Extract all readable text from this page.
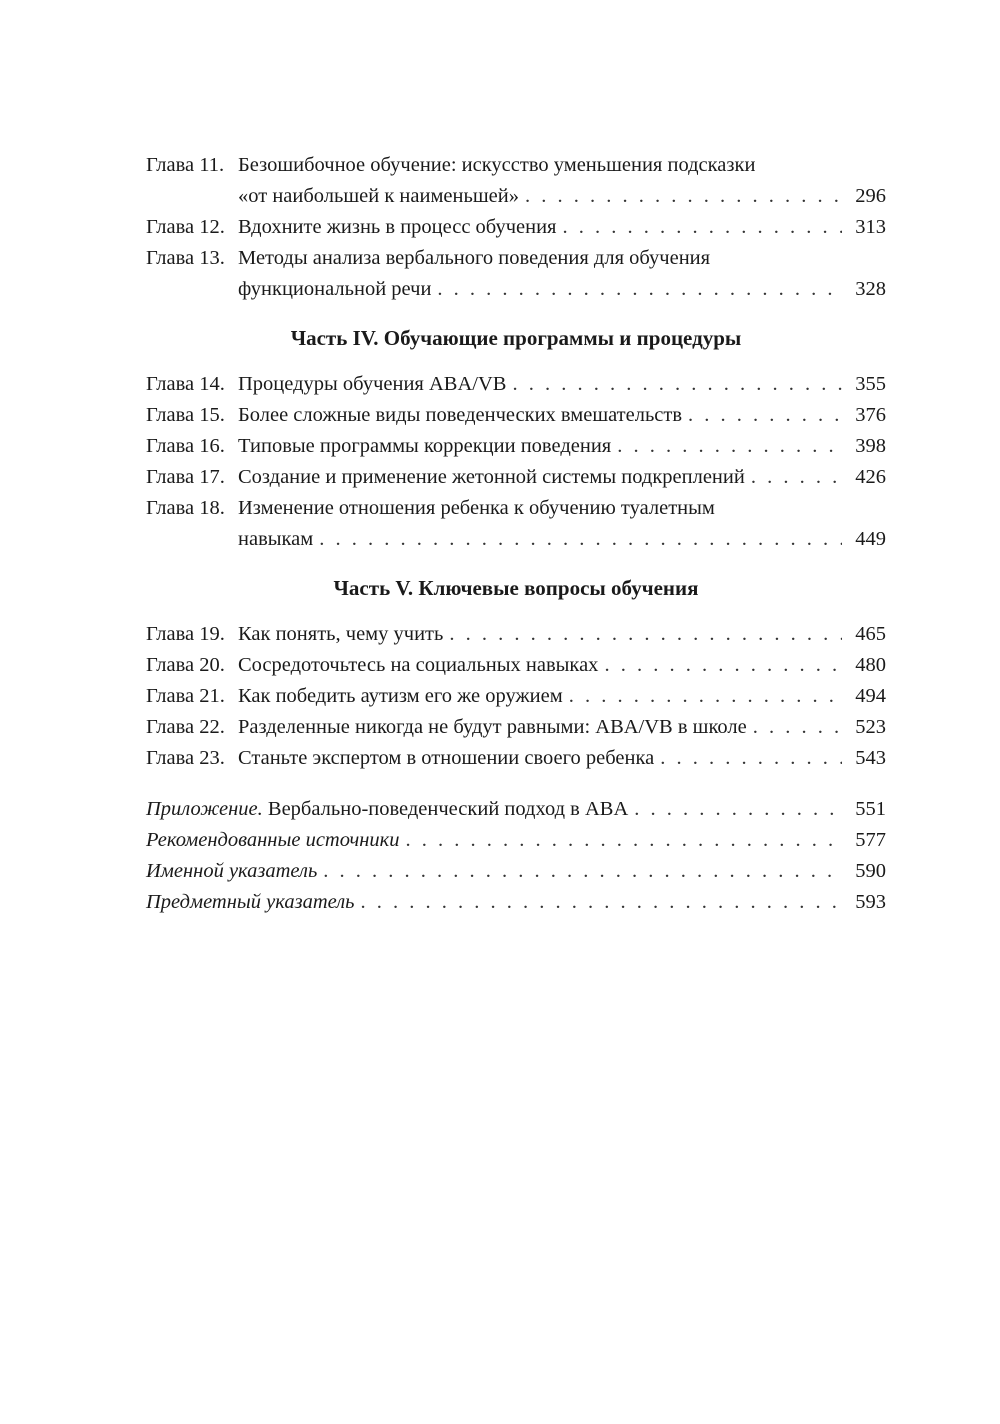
Глава 11. Безошибочное обучение: искусство уменьшения подсказки
«от наибольшей к наименьшей» . . .	296
Глава 12. Вдохните жизнь в процесс обучения . . .	313
Глава 13. Методы анализа вербального поведения для обучения
функциональной речи . . .	328
Часть IV. Обучающие программы и процедуры
Глава 14. Процедуры обучения ABA/VB . . .	355
Глава 15. Более сложные виды поведенческих вмешательств . . .	376
Глава 16. Типовые программы коррекции поведения . . .	398
Глава 17. Создание и применение жетонной системы подкреплений . . .	426
Глава 18. Изменение отношения ребенка к обучению туалетным
навыкам . . .	449
Часть V. Ключевые вопросы обучения
Глава 19. Как понять, чему учить . . .	465
Глава 20. Сосредоточьтесь на социальных навыках . . .	480
Глава 21. Как победить аутизм его же оружием . . .	494
Глава 22. Разделенные никогда не будут равными: ABA/VB в школе . . .	523
Глава 23. Станьте экспертом в отношении своего ребенка . . .	543
Приложение. Вербально-поведенческий подход в ABA . . .	551
Рекомендованные источники . . .	577
Именной указатель . . .	590
Предметный указатель . . .	593
